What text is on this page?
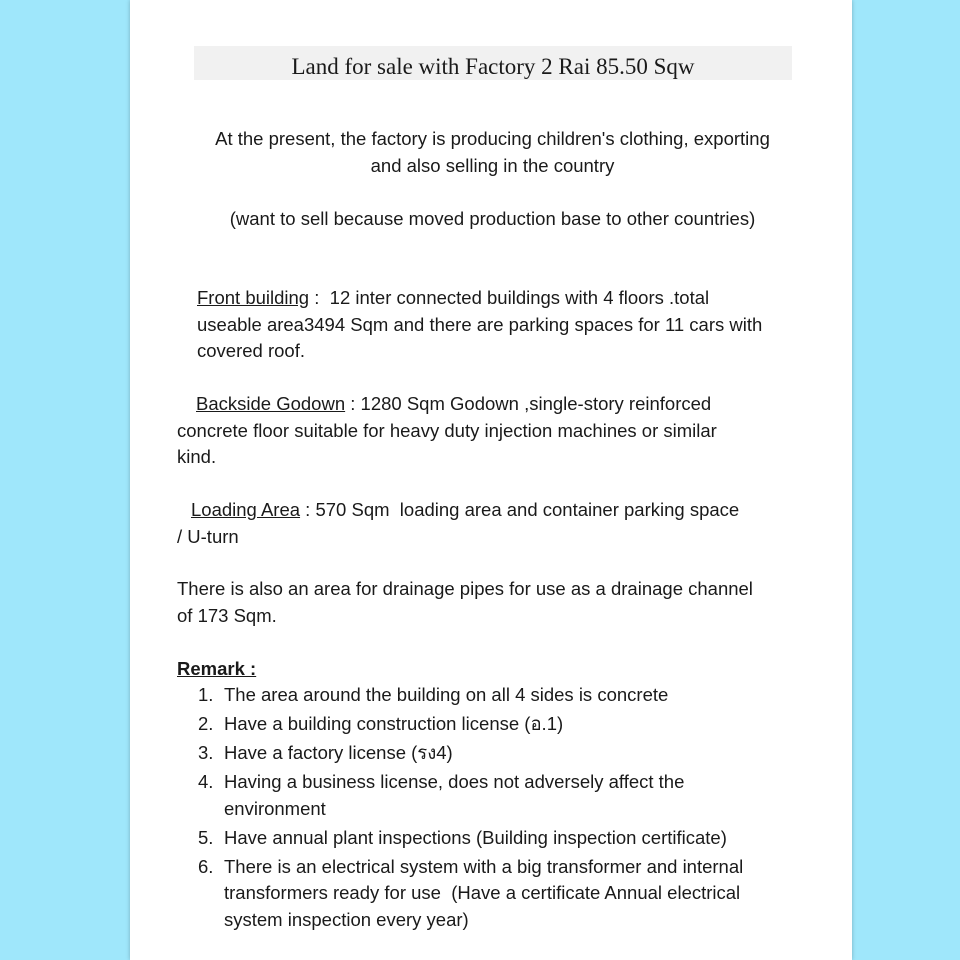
Land for sale with Factory 2 Rai 85.50 Sqw
At the present, the factory is producing children's clothing, exporting
and also selling in the country
(want to sell because moved production base to other countries)
Front building :  12 inter connected buildings with 4 floors .total
useable area3494 Sqm and there are parking spaces for 11 cars with
covered roof.
Backside Godown : 1280 Sqm Godown ,single-story reinforced
concrete floor suitable for heavy duty injection machines or similar
kind.
Loading Area : 570 Sqm  loading area and container parking space
/ U-turn
There is also an area for drainage pipes for use as a drainage channel
of 173 Sqm.
Remark :
1. The area around the building on all 4 sides is concrete
2. Have a building construction license (อ.1)
3. Have a factory license (รง4)
4. Having a business license, does not adversely affect the
environment
5. Have annual plant inspections (Building inspection certificate)
6. There is an electrical system with a big transformer and internal
transformers ready for use  (Have a certificate Annual electrical
system inspection every year)
